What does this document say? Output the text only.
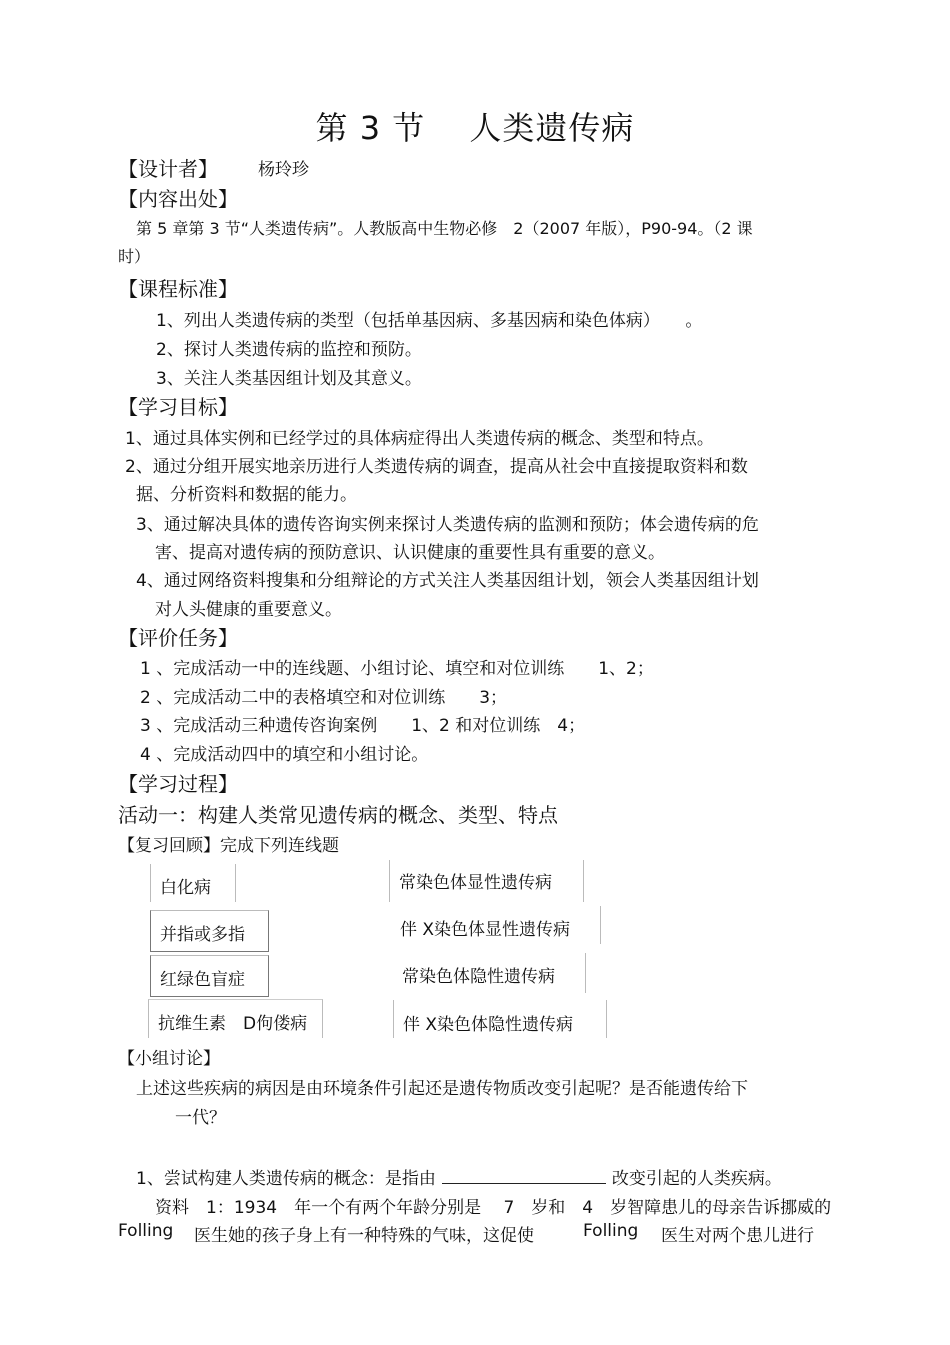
第 3 节　 人类遗传病
【设计者】 杨玲珍
【内容出处】
第 5 章第 3 节“人类遗传病”。人教版高中生物必修　2（2007 年版），P90-94。（2 课
时）
【课程标准】
1、列出人类遗传病的类型（包括单基因病、多基因病和染色体病）　　。
2、探讨人类遗传病的监控和预防。
3、关注人类基因组计划及其意义。
【学习目标】
1、通过具体实例和已经学过的具体病症得出人类遗传病的概念、类型和特点。
2、通过分组开展实地亲历进行人类遗传病的调查，提高从社会中直接提取资料和数
据、分析资料和数据的能力。
3、通过解决具体的遗传咨询实例来探讨人类遗传病的监测和预防；体会遗传病的危
害、提高对遗传病的预防意识、认识健康的重要性具有重要的意义。
4、通过网络资料搜集和分组辩论的方式关注人类基因组计划，领会人类基因组计划
对人头健康的重要意义。
【评价任务】
1 、完成活动一中的连线题、小组讨论、填空和对位训练　　1、2；
2 、完成活动二中的表格填空和对位训练　　3；
3 、完成活动三种遗传咨询案例　　1、2 和对位训练　4；
4 、完成活动四中的填空和小组讨论。
【学习过程】
活动一：构建人类常见遗传病的概念、类型、特点
【复习回顾】完成下列连线题
白化病
并指或多指
红绿色盲症
抗维生素　D佝偻病
常染色体显性遗传病
伴 X染色体显性遗传病
常染色体隐性遗传病
伴 X染色体隐性遗传病
【小组讨论】
上述这些疾病的病因是由环境条件引起还是遗传物质改变引起呢？是否能遗传给下
一代？
1、尝试构建人类遗传病的概念：是指由	改变引起的人类疾病。
资料　1：1934　年一个有两个年龄分别是　 7　岁和　4　岁智障患儿的母亲告诉挪威的
Folling 医生她的孩子身上有一种特殊的气味，这促使	Folling 医生对两个患儿进行
